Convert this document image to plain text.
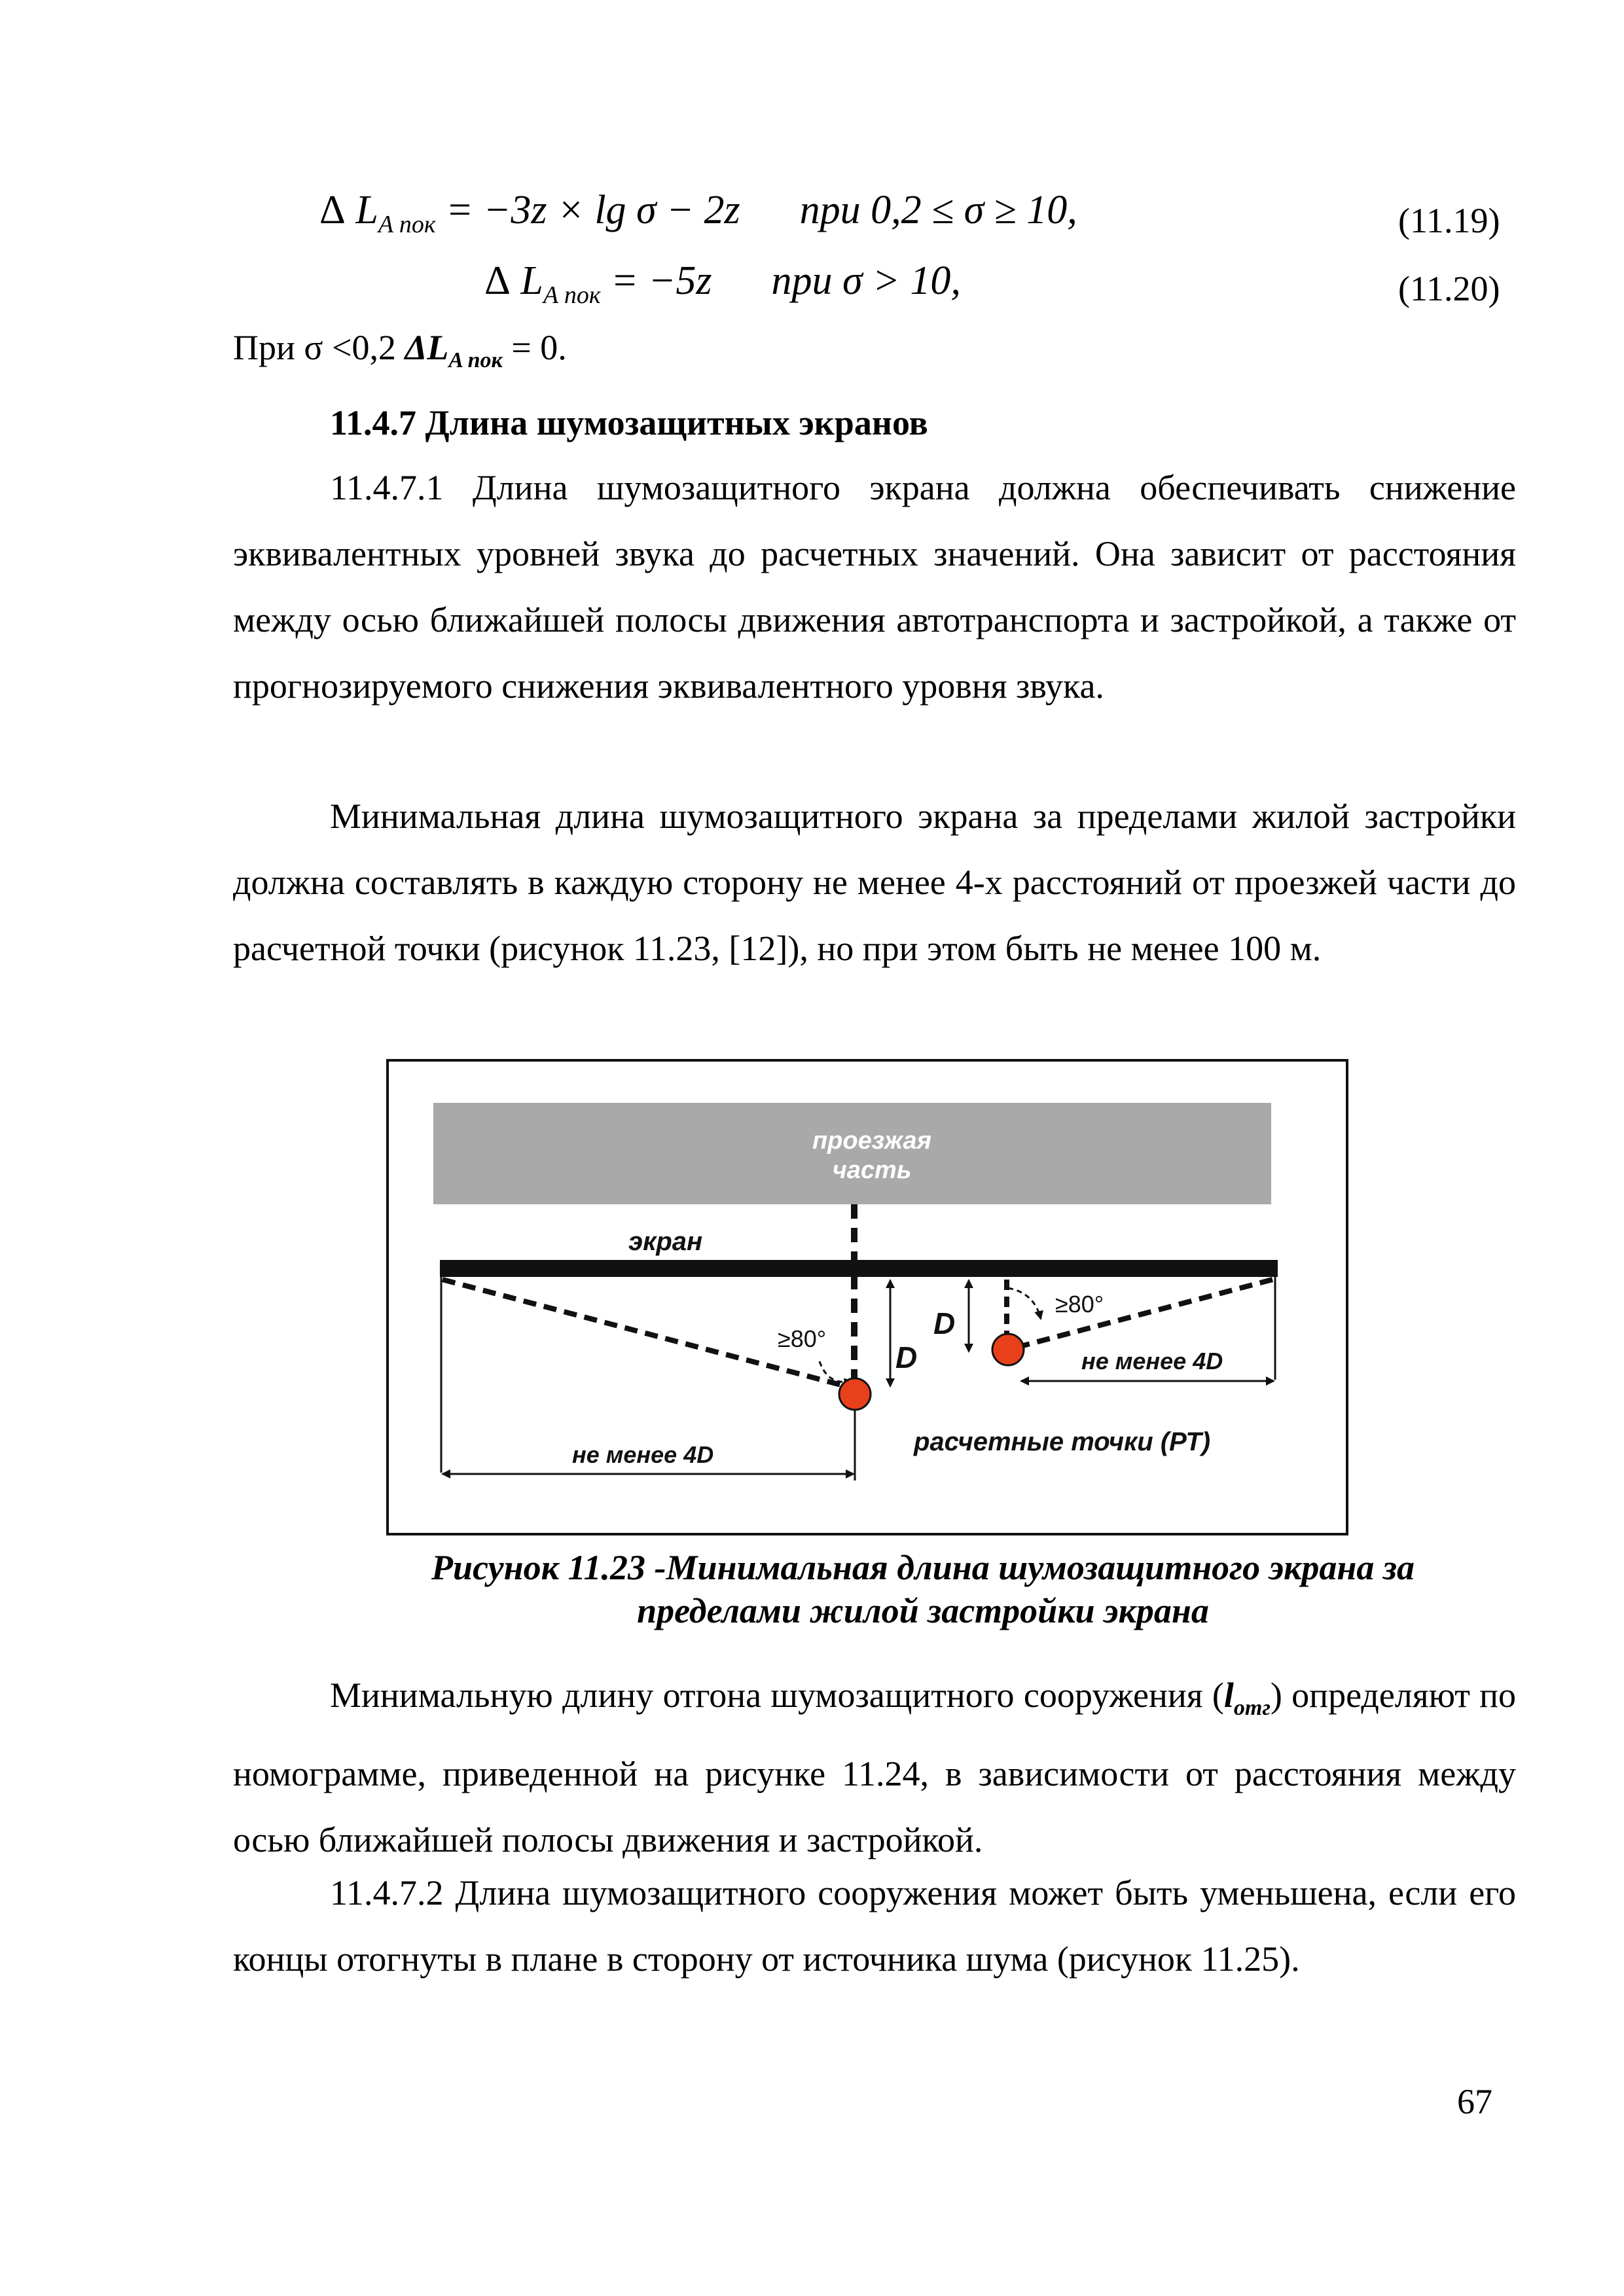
Δ $L_{A пок} = -3z \times \lg \sigma - 2z$ при 0,2 ≤ σ ≥ 10,	(11.19)
Δ $L_{A пок} = -5z$ при σ > 10,	(11.20)
При σ <0,2 $\Delta L_{A пок} = 0$.
11.4.7 Длина шумозащитных экранов
11.4.7.1 Длина шумозащитного экрана должна обеспечивать снижение эквивалентных уровней звука до расчетных значений. Она зависит от расстояния между осью ближайшей полосы движения автотранспорта и застройкой, а также от прогнозируемого снижения эквивалентного уровня звука.
Минимальная длина шумозащитного экрана за пределами жилой застройки должна составлять в каждую сторону не менее 4-х расстояний от проезжей части до расчетной точки (рисунок 11.23, [12]), но при этом быть не менее 100 м.
проезжая
часть
экран
≥80°
≥80°
D
D
не менее 4D
не менее 4D	расчетные точки (РТ)
Рисунок 11.23 -Минимальная длина шумозащитного экрана за
пределами жилой застройки экрана
Минимальную длину отгона шумозащитного сооружения $(l_{отг})$ определяют по номограмме, приведенной на рисунке 11.24, в зависимости от расстояния между осью ближайшей полосы движения и застройкой.
11.4.7.2 Длина шумозащитного сооружения может быть уменьшена, если его концы отогнуты в плане в сторону от источника шума (рисунок 11.25).
67
